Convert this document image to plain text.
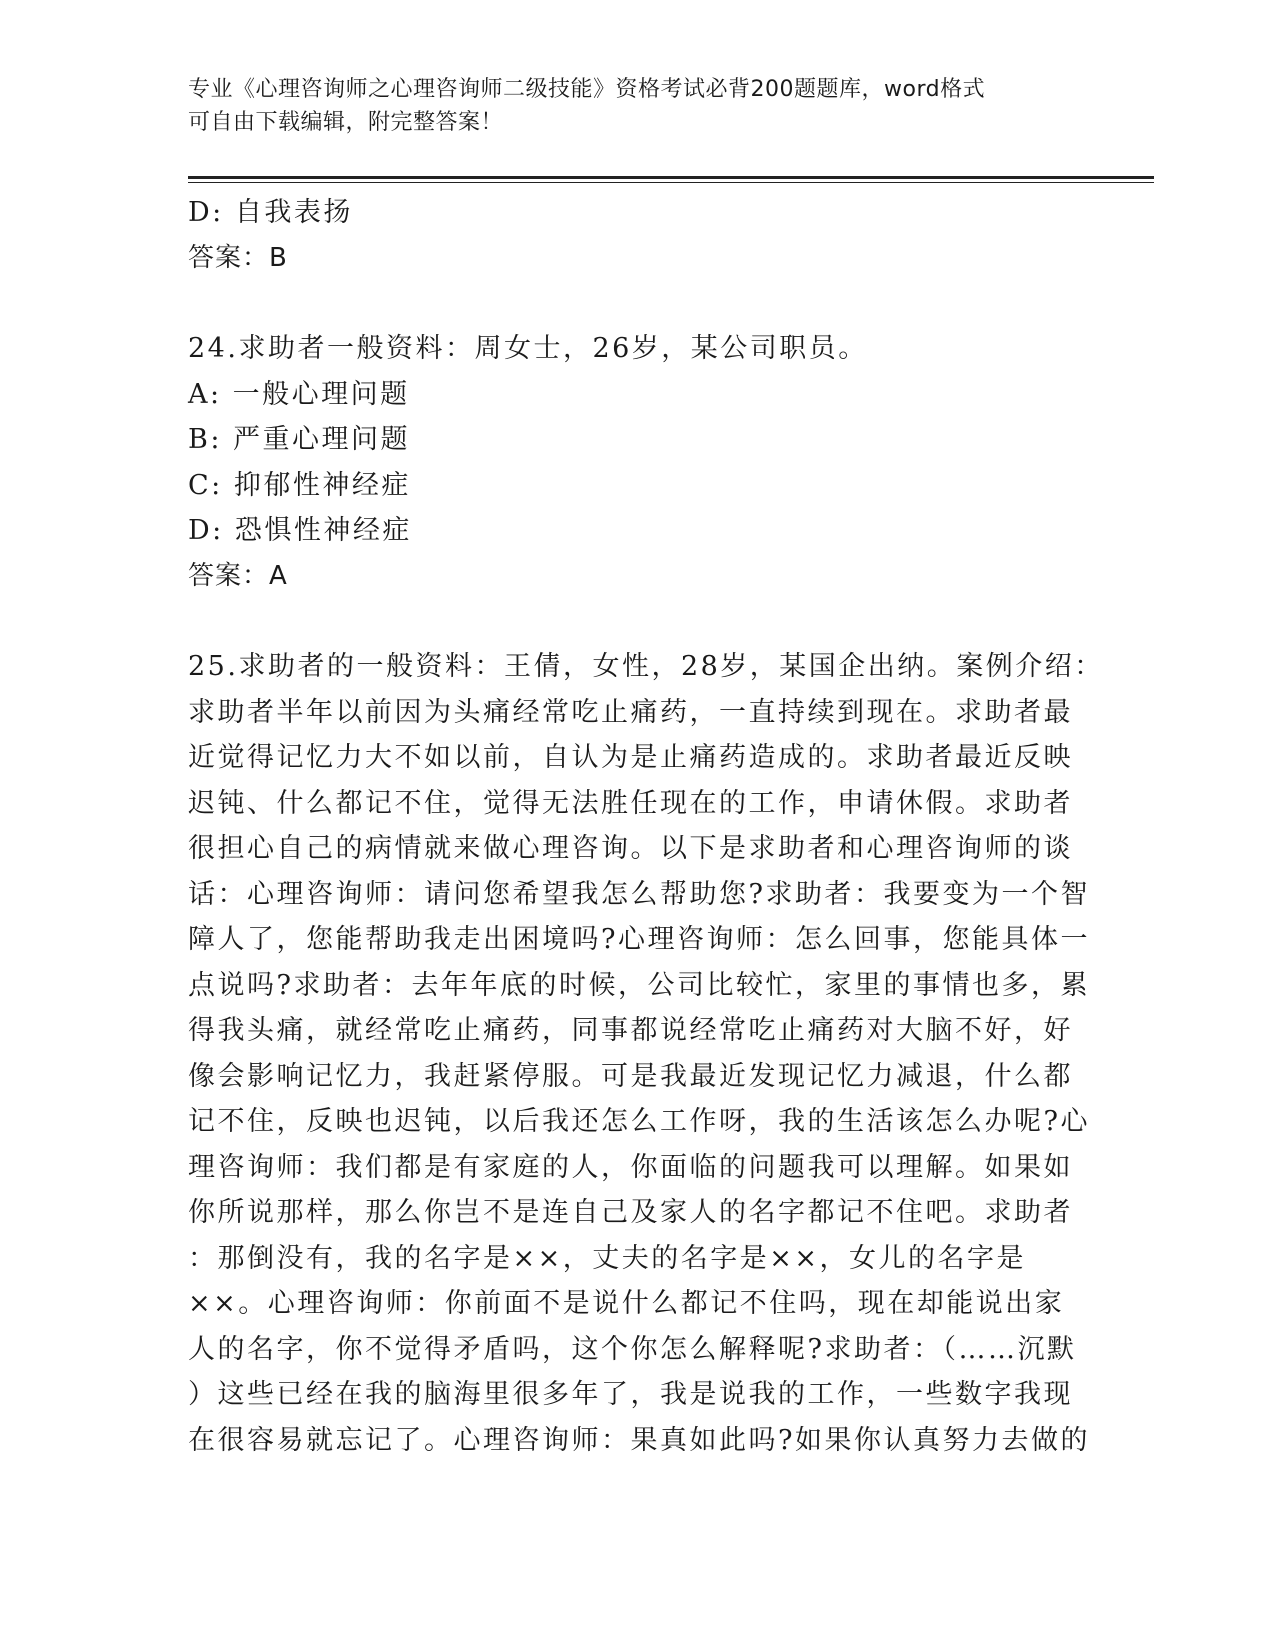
专业《心理咨询师之心理咨询师二级技能》资格考试必背200题题库，word格式
可自由下载编辑，附完整答案！

D: 自我表扬

答案：B

24.求助者一般资料：周女士，26岁，某公司职员。

A: 一般心理问题

B: 严重心理问题

C: 抑郁性神经症

D: 恐惧性神经症

答案：A

25.求助者的一般资料：王倩，女性，28岁，某国企出纳。案例介绍：

求助者半年以前因为头痛经常吃止痛药，一直持续到现在。求助者最

近觉得记忆力大不如以前，自认为是止痛药造成的。求助者最近反映

迟钝、什么都记不住，觉得无法胜任现在的工作，申请休假。求助者

很担心自己的病情就来做心理咨询。以下是求助者和心理咨询师的谈

话：心理咨询师：请问您希望我怎么帮助您?求助者：我要变为一个智

障人了，您能帮助我走出困境吗?心理咨询师：怎么回事，您能具体一

点说吗?求助者：去年年底的时候，公司比较忙，家里的事情也多，累

得我头痛，就经常吃止痛药，同事都说经常吃止痛药对大脑不好，好

像会影响记忆力，我赶紧停服。可是我最近发现记忆力减退，什么都

记不住，反映也迟钝，以后我还怎么工作呀，我的生活该怎么办呢?心

理咨询师：我们都是有家庭的人，你面临的问题我可以理解。如果如

你所说那样，那么你岂不是连自己及家人的名字都记不住吧。求助者

：那倒没有，我的名字是××，丈夫的名字是××，女儿的名字是

××。心理咨询师：你前面不是说什么都记不住吗，现在却能说出家

人的名字，你不觉得矛盾吗，这个你怎么解释呢?求助者：（……沉默

）这些已经在我的脑海里很多年了，我是说我的工作，一些数字我现

在很容易就忘记了。心理咨询师：果真如此吗?如果你认真努力去做的
